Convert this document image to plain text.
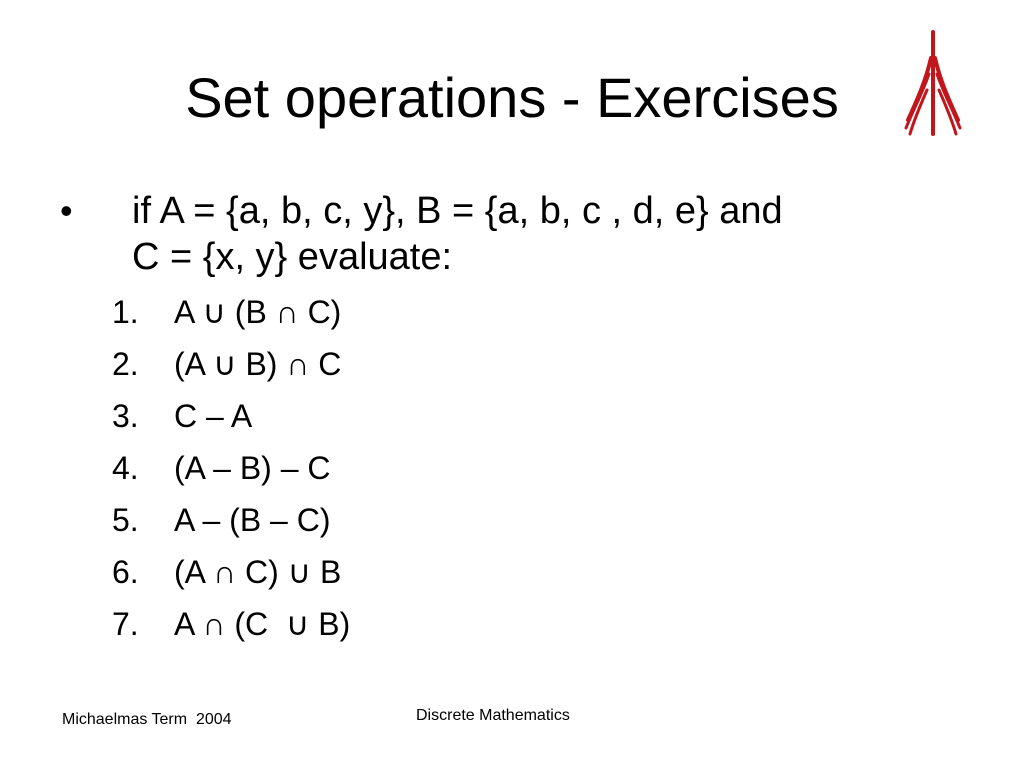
Set operations - Exercises
• if A = {a, b, c, y}, B = {a, b, c , d, e} and
C = {x, y} evaluate:

1.	A ∪ (B ∩ C)
2.	(A ∪ B) ∩ C
3.	C – A
4.	(A – B) – C
5.	A – (B – C)
6.	(A ∩ C) ∪ B
7.	A ∩ (C  ∪ B)
Michaelmas Term  2004	Discrete Mathematics
